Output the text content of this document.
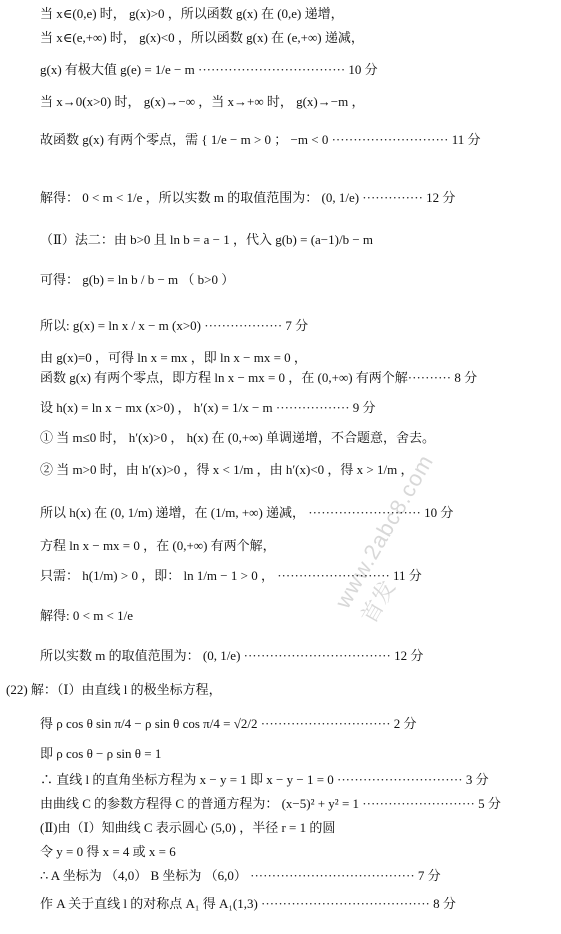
www.2abc8.com 首发
当 x∈(0,e) 时， g(x)>0 ，所以函数 g(x) 在 (0,e) 递增，
当 x∈(e,+∞) 时， g(x)<0 ，所以函数 g(x) 在 (e,+∞) 递减，
g(x) 有极大值 g(e) = 1/e − m ·································· 10 分
当 x→0(x>0) 时， g(x)→−∞ ，当 x→+∞ 时， g(x)→−m ，
故函数 g(x) 有两个零点，需 { 1/e − m > 0 ； −m < 0 ··························· 11 分
解得： 0 < m < 1/e ，所以实数 m 的取值范围为： (0, 1/e) ·············· 12 分
（Ⅱ）法二：由 b>0 且 ln b = a − 1 ，代入 g(b) = (a−1)/b − m
可得： g(b) = ln b / b − m （ b>0 ）
所以: g(x) = ln x / x − m (x>0) ·················· 7 分
由 g(x)=0 ，可得 ln x = mx ，即 ln x − mx = 0 ，
函数 g(x) 有两个零点，即方程 ln x − mx = 0 ，在 (0,+∞) 有两个解·········· 8 分
设 h(x) = ln x − mx (x>0) ， h′(x) = 1/x − m ················· 9 分
① 当 m≤0 时， h′(x)>0 ， h(x) 在 (0,+∞) 单调递增，不合题意，舍去。
② 当 m>0 时，由 h′(x)>0 ，得 x < 1/m ，由 h′(x)<0 ，得 x > 1/m ，
所以 h(x) 在 (0, 1/m) 递增，在 (1/m, +∞) 递减， ·························· 10 分
方程 ln x − mx = 0 ，在 (0,+∞) 有两个解，
只需： h(1/m) > 0 ，即： ln 1/m − 1 > 0 ， ·························· 11 分
解得: 0 < m < 1/e
所以实数 m 的取值范围为： (0, 1/e) ·································· 12 分
(22) 解：（Ⅰ）由直线 l 的极坐标方程，
得 ρ cos θ sin π/4 − ρ sin θ cos π/4 = √2/2 ······························ 2 分
即 ρ cos θ − ρ sin θ = 1
∴ 直线 l 的直角坐标方程为 x − y = 1 即 x − y − 1 = 0 ····························· 3 分
由曲线 C 的参数方程得 C 的普通方程为： (x−5)² + y² = 1 ·························· 5 分
(Ⅱ)由（Ⅰ）知曲线 C 表示圆心 (5,0) ，半径 r = 1 的圆
令 y = 0 得 x = 4 或 x = 6
∴ A 坐标为 （4,0） B 坐标为 （6,0） ······································ 7 分
作 A 关于直线 l 的对称点 A₁ 得 A₁(1,3) ······································· 8 分
